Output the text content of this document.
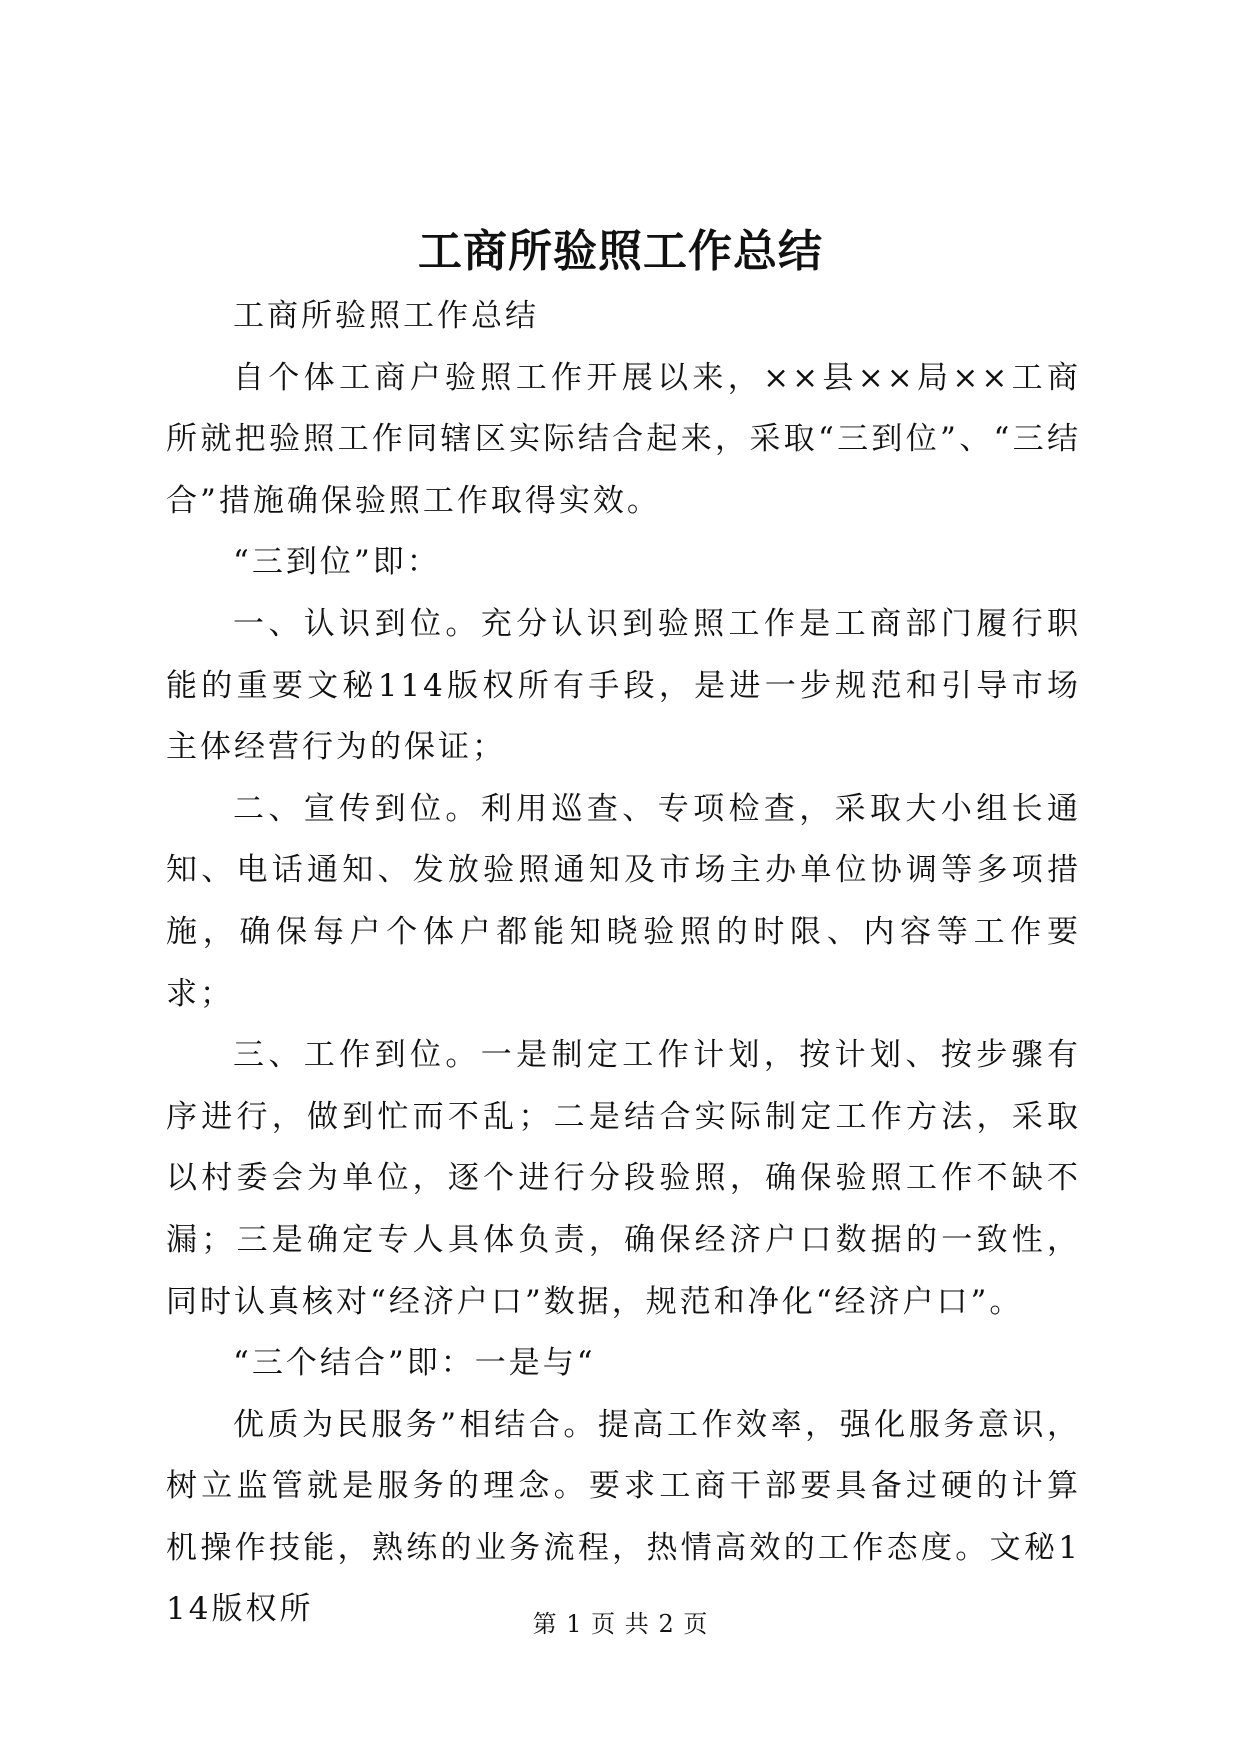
工商所验照工作总结

工商所验照工作总结

自个体工商户验照工作开展以来，××县××局××工商所就把验照工作同辖区实际结合起来，采取“三到位”、“三结合”措施确保验照工作取得实效。

“三到位”即：

一、认识到位。充分认识到验照工作是工商部门履行职能的重要文秘114版权所有手段，是进一步规范和引导市场主体经营行为的保证；

二、宣传到位。利用巡查、专项检查，采取大小组长通知、电话通知、发放验照通知及市场主办单位协调等多项措施，确保每户个体户都能知晓验照的时限、内容等工作要求；

三、工作到位。一是制定工作计划，按计划、按步骤有序进行，做到忙而不乱；二是结合实际制定工作方法，采取以村委会为单位，逐个进行分段验照，确保验照工作不缺不漏；三是确定专人具体负责，确保经济户口数据的一致性，同时认真核对“经济户口”数据，规范和净化“经济户口”。

“三个结合”即：一是与“

优质为民服务”相结合。提高工作效率，强化服务意识，树立监管就是服务的理念。要求工商干部要具备过硬的计算机操作技能，熟练的业务流程，热情高效的工作态度。文秘114版权所	第 1 页 共 2 页
